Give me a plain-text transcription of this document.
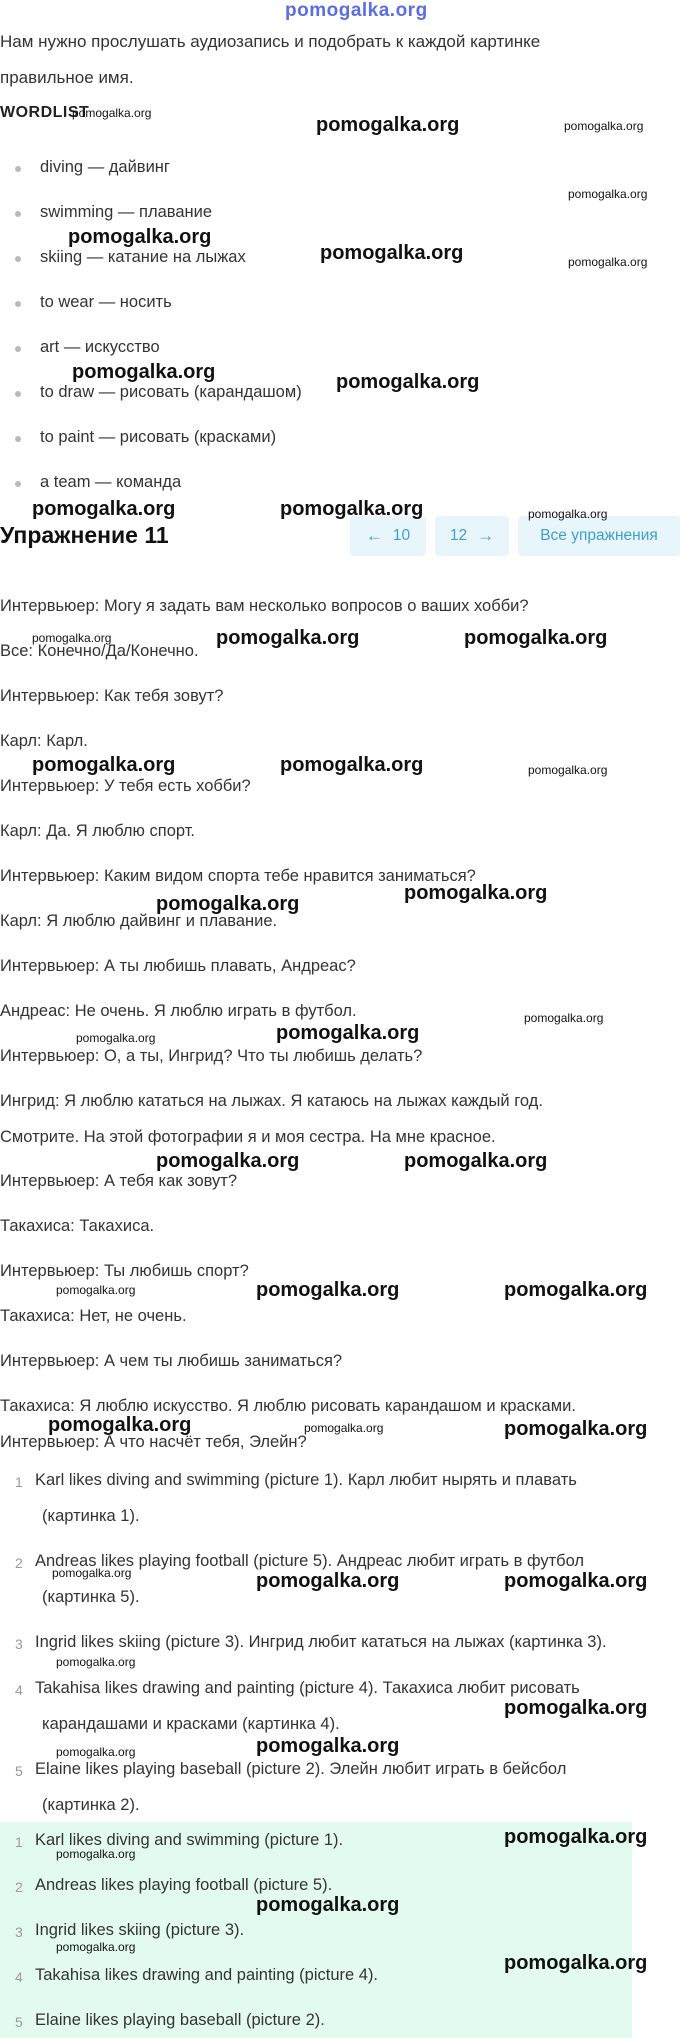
pomogalka.org
Нам нужно прослушать аудиозапись и подобрать к каждой картинке
правильное имя.
WORDLIST
diving — дайвинг
swimming — плавание
skiing — катание на лыжах
to wear — носить
art — искусство
to draw — рисовать (карандашом)
to paint — рисовать (красками)
a team — команда
Упражнение 11	← 10	12 →	Все упражнения
Интервьюер: Могу я задать вам несколько вопросов о ваших хобби?
Все: Конечно/Да/Конечно.
Интервьюер: Как тебя зовут?
Карл: Карл.
Интервьюер: У тебя есть хобби?
Карл: Да. Я люблю спорт.
Интервьюер: Каким видом спорта тебе нравится заниматься?
Карл: Я люблю дайвинг и плавание.
Интервьюер: А ты любишь плавать, Андреас?
Андреас: Не очень. Я люблю играть в футбол.
Интервьюер: О, а ты, Ингрид? Что ты любишь делать?
Ингрид: Я люблю кататься на лыжах. Я катаюсь на лыжах каждый год.
Смотрите. На этой фотографии я и моя сестра. На мне красное.
Интервьюер: А тебя как зовут?
Такахиса: Такахиса.
Интервьюер: Ты любишь спорт?
Такахиса: Нет, не очень.
Интервьюер: А чем ты любишь заниматься?
Такахиса: Я люблю искусство. Я люблю рисовать карандашом и красками.
Интервьюер: А что насчёт тебя, Элейн?
1 Karl likes diving and swimming (picture 1). Карл любит нырять и плавать
(картинка 1).
2 Andreas likes playing football (picture 5). Андреас любит играть в футбол
(картинка 5).
3 Ingrid likes skiing (picture 3). Ингрид любит кататься на лыжах (картинка 3).
4 Takahisa likes drawing and painting (picture 4). Такахиса любит рисовать
карандашами и красками (картинка 4).
5 Elaine likes playing baseball (picture 2). Элейн любит играть в бейсбол
(картинка 2).
1 Karl likes diving and swimming (picture 1).
2 Andreas likes playing football (picture 5).
3 Ingrid likes skiing (picture 3).
4 Takahisa likes drawing and painting (picture 4).
5 Elaine likes playing baseball (picture 2).
pomogalka.org
pomogalka.org	pomogalka.org
pomogalka.org
pomogalka.org
pomogalka.org	pomogalka.org
pomogalka.org	pomogalka.org
pomogalka.org	pomogalka.org	pomogalka.org
pomogalka.org	pomogalka.org	pomogalka.org
pomogalka.org	pomogalka.org	pomogalka.org
pomogalka.org	pomogalka.org
pomogalka.org	pomogalka.org
pomogalka.org
pomogalka.org	pomogalka.org
pomogalka.org	pomogalka.org	pomogalka.org
pomogalka.org	pomogalka.org	pomogalka.org
pomogalka.org	pomogalka.org	pomogalka.org
pomogalka.org
pomogalka.org
pomogalka.org	pomogalka.org
pomogalka.org
pomogalka.org
pomogalka.org
pomogalka.org
pomogalka.org
